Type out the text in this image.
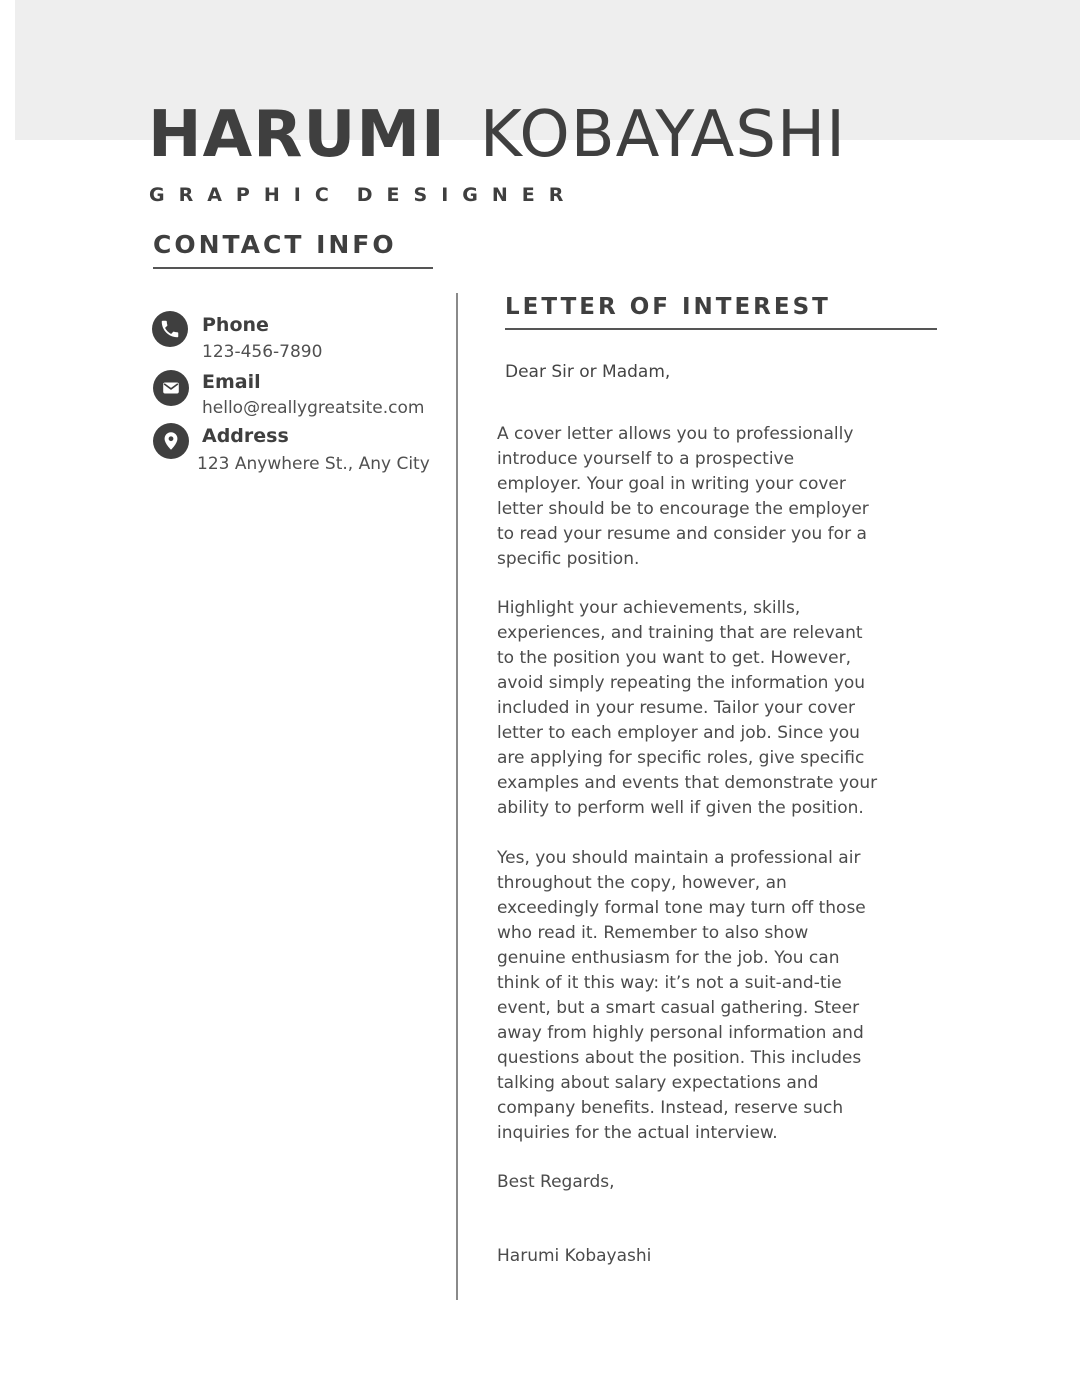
HARUMI KOBAYASHI
GRAPHIC DESIGNER
CONTACT INFO
Phone
123-456-7890
Email
hello@reallygreatsite.com
Address
123 Anywhere St., Any City
LETTER OF INTEREST
Dear Sir or Madam,
A cover letter allows you to professionally
introduce yourself to a prospective
employer. Your goal in writing your cover
letter should be to encourage the employer
to read your resume and consider you for a
specific position.
Highlight your achievements, skills,
experiences, and training that are relevant
to the position you want to get. However,
avoid simply repeating the information you
included in your resume. Tailor your cover
letter to each employer and job. Since you
are applying for specific roles, give specific
examples and events that demonstrate your
ability to perform well if given the position.
Yes, you should maintain a professional air
throughout the copy, however, an
exceedingly formal tone may turn off those
who read it. Remember to also show
genuine enthusiasm for the job. You can
think of it this way: it’s not a suit-and-tie
event, but a smart casual gathering. Steer
away from highly personal information and
questions about the position. This includes
talking about salary expectations and
company benefits. Instead, reserve such
inquiries for the actual interview.
Best Regards,
Harumi Kobayashi
